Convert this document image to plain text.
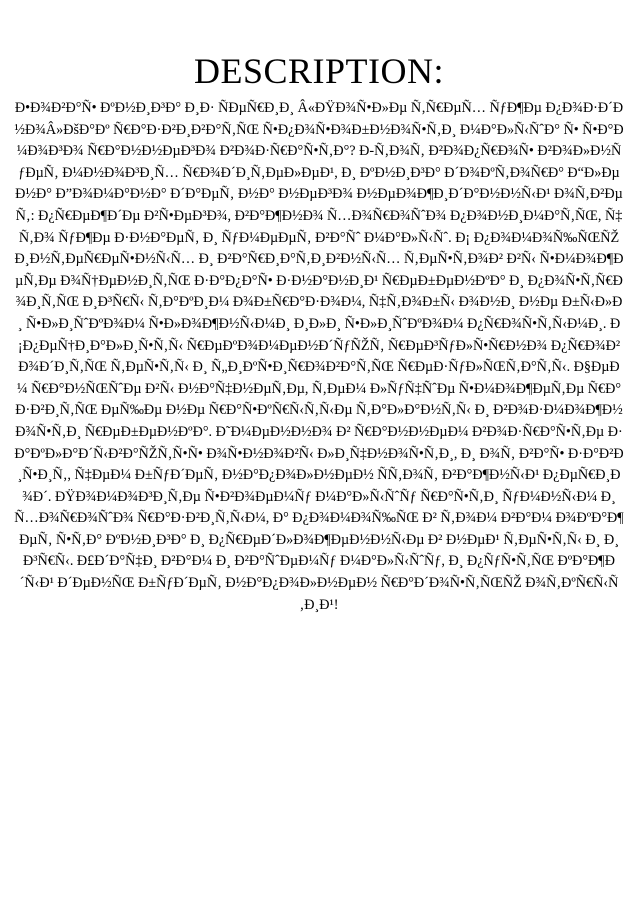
DESCRIPTION:

Ð•Ð¾Ð²Ð°Ñ• ÐºÐ½Ð¸Ð³Ð° Ð¸Ð· ÑÐµÑ€Ð¸Ð¸ Â«ÐŸÐ¾Ñ•Ð»Ðµ Ñ‚Ñ€ÐµÑ… ÑƒÐ¶Ðµ Ð¿Ð¾Ð·Ð´Ð½Ð¾Â»ÐšÐ°Ðº Ñ€Ð°Ð·Ð²Ð¸Ð²Ð°Ñ‚ÑŒ Ñ•Ð¿Ð¾Ñ•Ð¾Ð±Ð½Ð¾Ñ•Ñ‚Ð¸ Ð¼Ð°Ð»Ñ‹ÑˆÐ° Ñ• Ñ•Ð°Ð¼Ð¾Ð³Ð¾ Ñ€Ð°Ð½Ð½ÐµÐ³Ð¾ Ð²Ð¾Ð·Ñ€Ð°Ñ•Ñ‚Ð°? Ð-Ñ‚Ð¾Ñ‚ Ð²Ð¾Ð¿Ñ€Ð¾Ñ• Ð²Ð¾Ð»Ð½ÑƒÐµÑ‚ Ð¼Ð½Ð¾Ð³Ð¸Ñ… Ñ€Ð¾Ð´Ð¸Ñ‚ÐµÐ»ÐµÐ¹, Ð¸ ÐºÐ½Ð¸Ð³Ð° Ð´Ð¾ÐºÑ‚Ð¾Ñ€Ð° Ð“Ð»ÐµÐ½Ð° Ð”Ð¾Ð¼Ð°Ð½Ð° Ð´Ð°ÐµÑ‚ Ð½Ð° Ð½ÐµÐ³Ð¾ Ð½ÐµÐ¾Ð¶Ð¸Ð´Ð°Ð½Ð½Ñ‹Ð¹ Ð¾Ñ‚Ð²ÐµÑ‚: Ð¿Ñ€ÐµÐ¶Ð´Ðµ Ð²Ñ•ÐµÐ³Ð¾, Ð²Ð°Ð¶Ð½Ð¾ Ñ…Ð¾Ñ€Ð¾ÑˆÐ¾ Ð¿Ð¾Ð½Ð¸Ð¼Ð°Ñ‚ÑŒ, Ñ‡Ñ‚Ð¾ ÑƒÐ¶Ðµ Ð·Ð½Ð°ÐµÑ‚ Ð¸ ÑƒÐ¼ÐµÐµÑ‚ Ð²Ð°Ñˆ Ð¼Ð°Ð»Ñ‹Ñˆ. Ð¡ Ð¿Ð¾Ð¼Ð¾Ñ‰ÑŒÑŽ Ð¸Ð½Ñ‚ÐµÑ€ÐµÑ•Ð½Ñ‹Ñ… Ð¸ Ð²Ð°Ñ€Ð¸Ð°Ñ‚Ð¸Ð²Ð½Ñ‹Ñ… Ñ‚ÐµÑ•Ñ‚Ð¾Ð² Ð²Ñ‹ Ñ•Ð¼Ð¾Ð¶ÐµÑ‚Ðµ Ð¾Ñ†ÐµÐ½Ð¸Ñ‚ÑŒ Ð·Ð°Ð¿Ð°Ñ• Ð·Ð½Ð°Ð½Ð¸Ð¹ Ñ€ÐµÐ±ÐµÐ½ÐºÐ° Ð¸ Ð¿Ð¾Ñ•Ñ‚Ñ€Ð¾Ð¸Ñ‚ÑŒ Ð¸Ð³Ñ€Ñ‹ Ñ‚Ð°ÐºÐ¸Ð¼ Ð¾Ð±Ñ€Ð°Ð·Ð¾Ð¼, Ñ‡Ñ‚Ð¾Ð±Ñ‹ Ð¾Ð½Ð¸ Ð½Ðµ Ð±Ñ‹Ð»Ð¸ Ñ•Ð»Ð¸ÑˆÐºÐ¾Ð¼ Ñ•Ð»Ð¾Ð¶Ð½Ñ‹Ð¼Ð¸ Ð¸Ð»Ð¸ Ñ•Ð»Ð¸ÑˆÐºÐ¾Ð¼ Ð¿Ñ€Ð¾Ñ•Ñ‚Ñ‹Ð¼Ð¸. Ð¡Ð¿ÐµÑ†Ð¸Ð°Ð»Ð¸Ñ•Ñ‚Ñ‹ Ñ€ÐµÐºÐ¾Ð¼ÐµÐ½Ð´ÑƒÑŽÑ‚ Ñ€ÐµÐ³ÑƒÐ»Ñ•Ñ€Ð½Ð¾ Ð¿Ñ€Ð¾Ð²Ð¾Ð´Ð¸Ñ‚ÑŒ Ñ‚ÐµÑ•Ñ‚Ñ‹ Ð¸ Ñ„Ð¸ÐºÑ•Ð¸Ñ€Ð¾Ð²Ð°Ñ‚ÑŒ Ñ€ÐµÐ·ÑƒÐ»ÑŒÑ‚Ð°Ñ‚Ñ‹. Ð§ÐµÐ¼ Ñ€Ð°Ð½ÑŒÑˆÐµ Ð²Ñ‹ Ð½Ð°Ñ‡Ð½ÐµÑ‚Ðµ, Ñ‚ÐµÐ¼ Ð»ÑƒÑ‡ÑˆÐµ Ñ•Ð¼Ð¾Ð¶ÐµÑ‚Ðµ Ñ€Ð°Ð·Ð²Ð¸Ñ‚ÑŒ ÐµÑ‰Ðµ Ð½Ðµ Ñ€Ð°Ñ•ÐºÑ€Ñ‹Ñ‚Ñ‹Ðµ Ñ‚Ð°Ð»Ð°Ð½Ñ‚Ñ‹ Ð¸ Ð²Ð¾Ð·Ð¼Ð¾Ð¶Ð½Ð¾Ñ•Ñ‚Ð¸ Ñ€ÐµÐ±ÐµÐ½ÐºÐ°. Ð˜Ð¼ÐµÐ½Ð½Ð¾ Ð² Ñ€Ð°Ð½Ð½ÐµÐ¼ Ð²Ð¾Ð·Ñ€Ð°Ñ•Ñ‚Ðµ Ð·Ð°ÐºÐ»Ð°Ð´Ñ‹Ð²Ð°ÑŽÑ‚Ñ•Ñ• Ð¾Ñ•Ð½Ð¾Ð²Ñ‹ Ð»Ð¸Ñ‡Ð½Ð¾Ñ•Ñ‚Ð¸, Ð¸ Ð¾Ñ‚ Ð²Ð°Ñ• Ð·Ð°Ð²Ð¸Ñ•Ð¸Ñ‚, Ñ‡ÐµÐ¼ Ð±ÑƒÐ´ÐµÑ‚ Ð½Ð°Ð¿Ð¾Ð»Ð½ÐµÐ½ ÑÑ‚Ð¾Ñ‚ Ð²Ð°Ð¶Ð½Ñ‹Ð¹ Ð¿ÐµÑ€Ð¸Ð¾Ð´. ÐŸÐ¾Ð¼Ð¾Ð³Ð¸Ñ‚Ðµ Ñ•Ð²Ð¾ÐµÐ¼Ñƒ Ð¼Ð°Ð»Ñ‹ÑˆÑƒ Ñ€Ð°Ñ•Ñ‚Ð¸ ÑƒÐ¼Ð½Ñ‹Ð¼ Ð¸ Ñ…Ð¾Ñ€Ð¾ÑˆÐ¾ Ñ€Ð°Ð·Ð²Ð¸Ñ‚Ñ‹Ð¼, Ð° Ð¿Ð¾Ð¼Ð¾Ñ‰ÑŒ Ð² Ñ‚Ð¾Ð¼ Ð²Ð°Ð¼ Ð¾ÐºÐ°Ð¶ÐµÑ‚ Ñ•Ñ‚Ð° ÐºÐ½Ð¸Ð³Ð° Ð¸ Ð¿Ñ€ÐµÐ´Ð»Ð¾Ð¶ÐµÐ½Ð½Ñ‹Ðµ Ð² Ð½ÐµÐ¹ Ñ‚ÐµÑ•Ñ‚Ñ‹ Ð¸ Ð¸Ð³Ñ€Ñ‹. Ð£Ð´Ð°Ñ‡Ð¸ Ð²Ð°Ð¼ Ð¸ Ð²Ð°ÑˆÐµÐ¼Ñƒ Ð¼Ð°Ð»Ñ‹ÑˆÑƒ, Ð¸ Ð¿ÑƒÑ•Ñ‚ÑŒ ÐºÐ°Ð¶Ð´Ñ‹Ð¹ Ð´ÐµÐ½ÑŒ Ð±ÑƒÐ´ÐµÑ‚ Ð½Ð°Ð¿Ð¾Ð»Ð½ÐµÐ½ Ñ€Ð°Ð´Ð¾Ñ•Ñ‚ÑŒÑŽ Ð¾Ñ‚ÐºÑ€Ñ‹Ñ‚Ð¸Ð¹!
